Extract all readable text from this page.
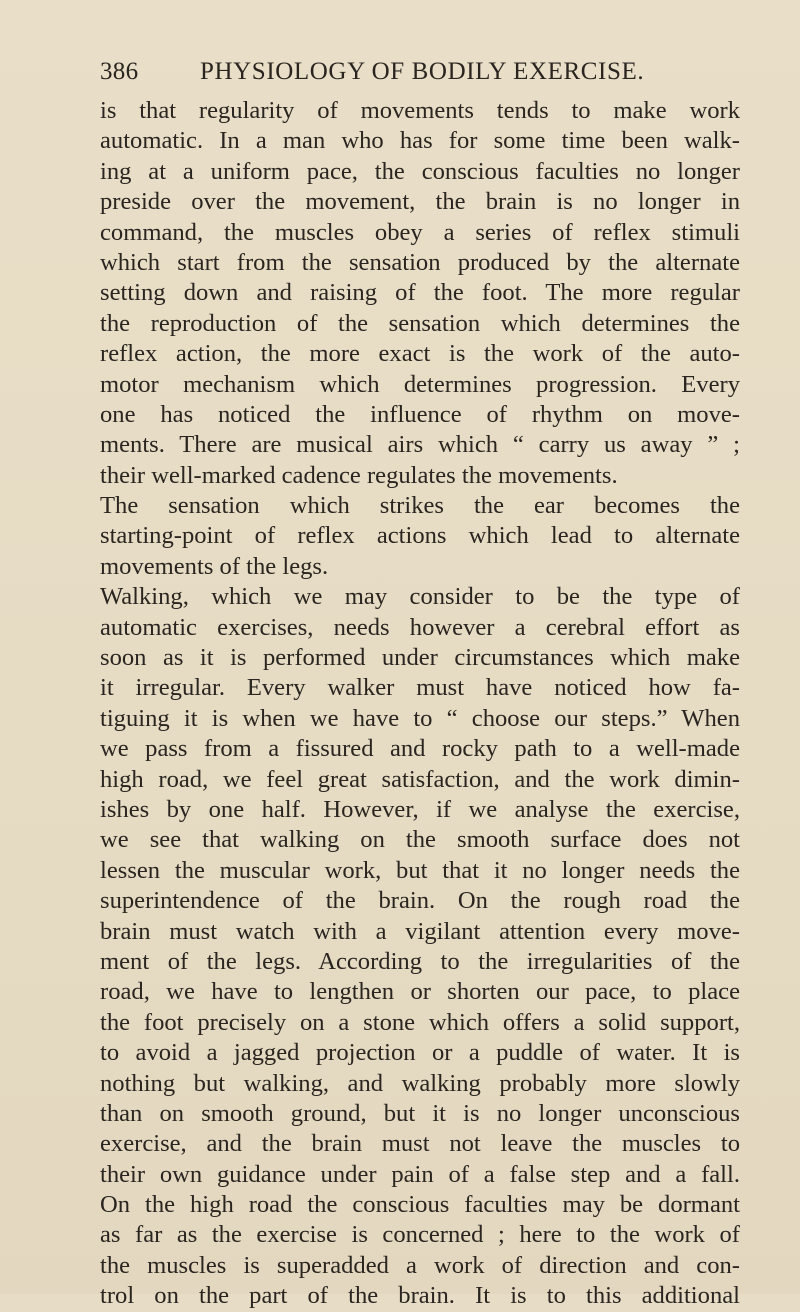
386 PHYSIOLOGY OF BODILY EXERCISE.
is that regularity of movements tends to make work
automatic. In a man who has for some time been walk-
ing at a uniform pace, the conscious faculties no longer
preside over the movement, the brain is no longer in
command, the muscles obey a series of reflex stimuli
which start from the sensation produced by the alternate
setting down and raising of the foot. The more regular
the reproduction of the sensation which determines the
reflex action, the more exact is the work of the auto-
motor mechanism which determines progression. Every
one has noticed the influence of rhythm on move-
ments. There are musical airs which “ carry us away ” ;
their well-marked cadence regulates the movements.
The sensation which strikes the ear becomes the
starting-point of reflex actions which lead to alternate
movements of the legs.
Walking, which we may consider to be the type of
automatic exercises, needs however a cerebral effort as
soon as it is performed under circumstances which make
it irregular. Every walker must have noticed how fa-
tiguing it is when we have to “ choose our steps.” When
we pass from a fissured and rocky path to a well-made
high road, we feel great satisfaction, and the work dimin-
ishes by one half. However, if we analyse the exercise,
we see that walking on the smooth surface does not
lessen the muscular work, but that it no longer needs the
superintendence of the brain. On the rough road the
brain must watch with a vigilant attention every move-
ment of the legs. According to the irregularities of the
road, we have to lengthen or shorten our pace, to place
the foot precisely on a stone which offers a solid support,
to avoid a jagged projection or a puddle of water. It is
nothing but walking, and walking probably more slowly
than on smooth ground, but it is no longer unconscious
exercise, and the brain must not leave the muscles to
their own guidance under pain of a false step and a fall.
On the high road the conscious faculties may be dormant
as far as the exercise is concerned ; here to the work of
the muscles is superadded a work of direction and con-
trol on the part of the brain. It is to this additional
